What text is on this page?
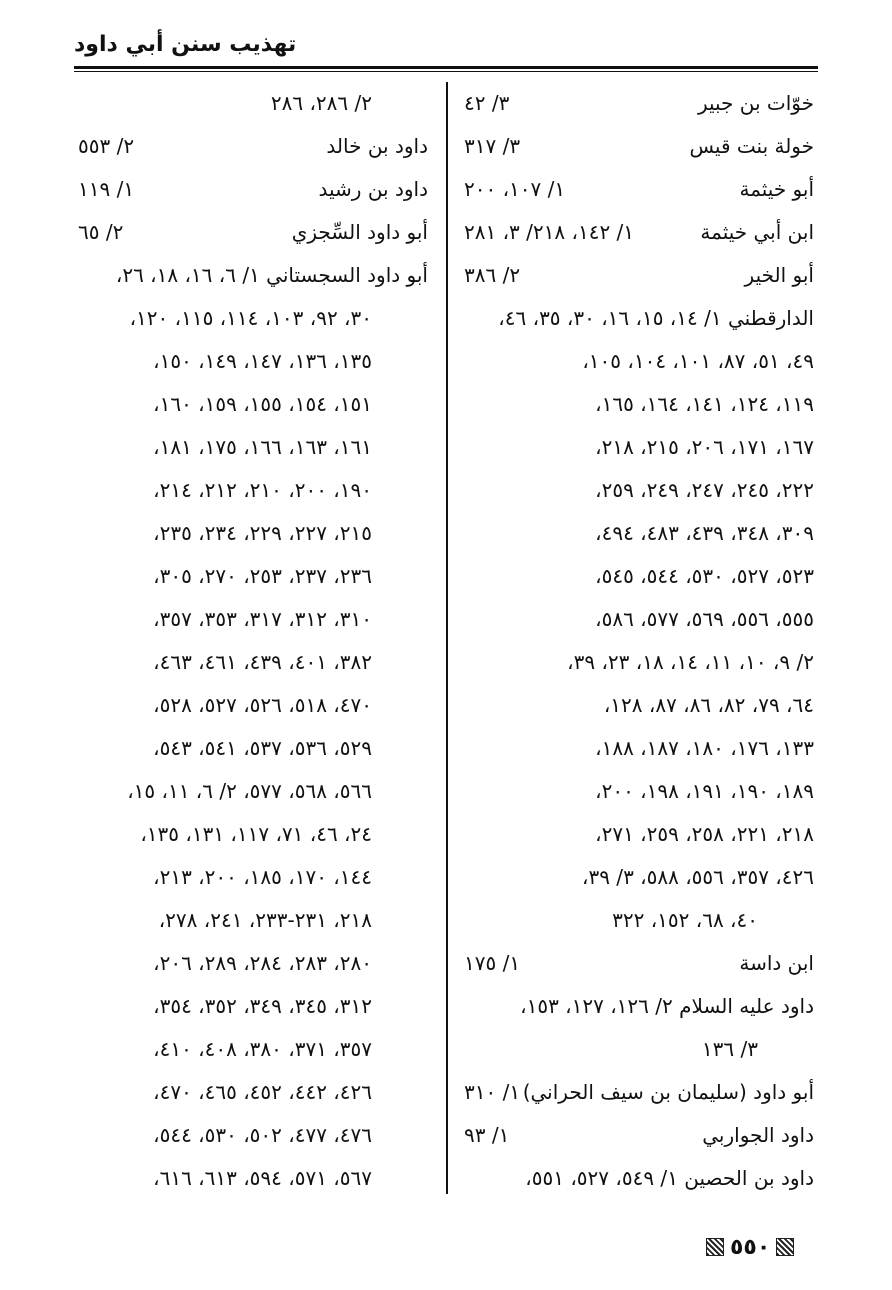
تهذيب سنن أبي داود
خوّات بن جبير
٣/ ٤٢
خولة بنت قيس
٣/ ٣١٧
أبو خيثمة
١/ ١٠٧، ٢٠٠
ابن أبي خيثمة
١/ ١٤٢، ٢١٨/ ٣، ٢٨١
أبو الخير
٢/ ٣٨٦
الدارقطني ١/ ١٤، ١٥، ١٦، ٣٠، ٣٥، ٤٦،
٤٩، ٥١، ٨٧، ١٠١، ١٠٤، ١٠٥،
١١٩، ١٢٤، ١٤١، ١٦٤، ١٦٥،
١٦٧، ١٧١، ٢٠٦، ٢١٥، ٢١٨،
٢٢٢، ٢٤٥، ٢٤٧، ٢٤٩، ٢٥٩،
٣٠٩، ٣٤٨، ٤٣٩، ٤٨٣، ٤٩٤،
٥٢٣، ٥٢٧، ٥٣٠، ٥٤٤، ٥٤٥،
٥٥٥، ٥٥٦، ٥٦٩، ٥٧٧، ٥٨٦،
٢/ ٩، ١٠، ١١، ١٤، ١٨، ٢٣، ٣٩،
٦٤، ٧٩، ٨٢، ٨٦، ٨٧، ١٢٨،
١٣٣، ١٧٦، ١٨٠، ١٨٧، ١٨٨،
١٨٩، ١٩٠، ١٩١، ١٩٨، ٢٠٠،
٢١٨، ٢٢١، ٢٥٨، ٢٥٩، ٢٧١،
٤٢٦، ٣٥٧، ٥٥٦، ٥٨٨، ٣/ ٣٩،
٤٠، ٦٨، ١٥٢، ٣٢٢
ابن داسة
١/ ١٧٥
داود عليه السلام ٢/ ١٢٦، ١٢٧، ١٥٣،
٣/ ١٣٦
أبو داود (سليمان بن سيف الحراني)
١/ ٣١٠
داود الجواربي
١/ ٩٣
داود بن الحصين ١/ ٥٤٩، ٥٢٧، ٥٥١،
٢/ ٢٨٦، ٢٨٦
داود بن خالد
٢/ ٥٥٣
داود بن رشيد
١/ ١١٩
أبو داود السِّجزي
٢/ ٦٥
أبو داود السجستاني ١/ ٦، ١٦، ١٨، ٢٦،
٣٠، ٩٢، ١٠٣، ١١٤، ١١٥، ١٢٠،
١٣٥، ١٣٦، ١٤٧، ١٤٩، ١٥٠،
١٥١، ١٥٤، ١٥٥، ١٥٩، ١٦٠،
١٦١، ١٦٣، ١٦٦، ١٧٥، ١٨١،
١٩٠، ٢٠٠، ٢١٠، ٢١٢، ٢١٤،
٢١٥، ٢٢٧، ٢٢٩، ٢٣٤، ٢٣٥،
٢٣٦، ٢٣٧، ٢٥٣، ٢٧٠، ٣٠٥،
٣١٠، ٣١٢، ٣١٧، ٣٥٣، ٣٥٧،
٣٨٢، ٤٠١، ٤٣٩، ٤٦١، ٤٦٣،
٤٧٠، ٥١٨، ٥٢٦، ٥٢٧، ٥٢٨،
٥٢٩، ٥٣٦، ٥٣٧، ٥٤١، ٥٤٣،
٥٦٦، ٥٦٨، ٥٧٧، ٢/ ٦، ١١، ١٥،
٢٤، ٤٦، ٧١، ١١٧، ١٣١، ١٣٥،
١٤٤، ١٧٠، ١٨٥، ٢٠٠، ٢١٣،
٢١٨، ٢٣١-٢٣٣، ٢٤١، ٢٧٨،
٢٨٠، ٢٨٣، ٢٨٤، ٢٨٩، ٢٠٦،
٣١٢، ٣٤٥، ٣٤٩، ٣٥٢، ٣٥٤،
٣٥٧، ٣٧١، ٣٨٠، ٤٠٨، ٤١٠،
٤٢٦، ٤٤٢، ٤٥٢، ٤٦٥، ٤٧٠،
٤٧٦، ٤٧٧، ٥٠٢، ٥٣٠، ٥٤٤،
٥٦٧، ٥٧١، ٥٩٤، ٦١٣، ٦١٦،
٥٥٠
